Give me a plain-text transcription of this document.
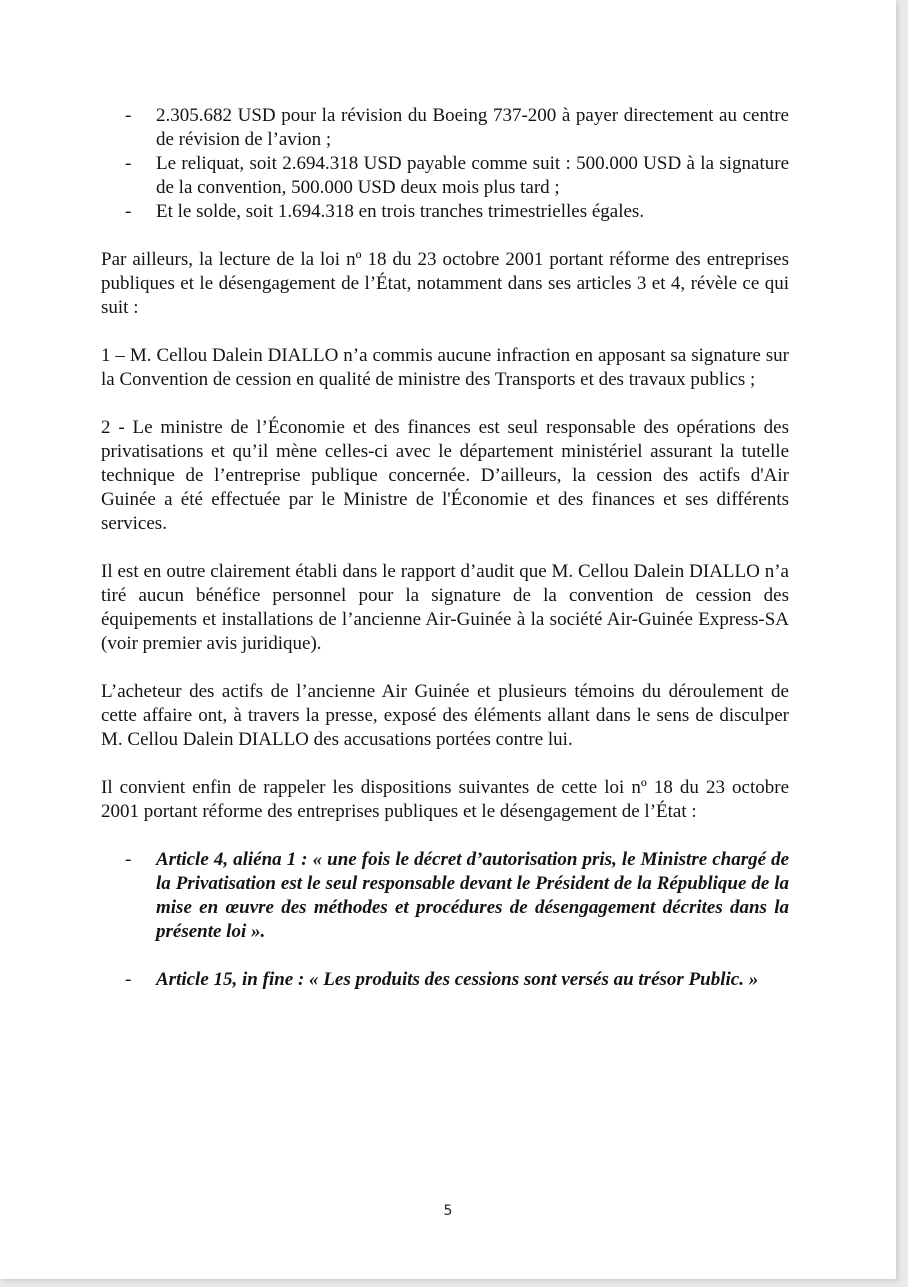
- 2.305.682 USD pour la révision du Boeing 737-200 à payer directement au centre de révision de l’avion ;
- Le reliquat, soit 2.694.318 USD payable comme suit : 500.000 USD à la signature de la convention, 500.000 USD deux mois plus tard ;
- Et le solde, soit 1.694.318 en trois tranches trimestrielles égales.

Par ailleurs, la lecture de la loi nº 18 du 23 octobre 2001 portant réforme des entreprises publiques et le désengagement de l’État, notamment dans ses articles 3 et 4, révèle ce qui suit :

1 – M. Cellou Dalein DIALLO n’a commis aucune infraction en apposant sa signature sur la Convention de cession en qualité de ministre des Transports et des travaux publics ;

2 - Le ministre de l’Économie et des finances est seul responsable des opérations des privatisations et qu’il mène celles-ci avec le département ministériel assurant la tutelle technique de l’entreprise publique concernée. D’ailleurs, la cession des actifs d'Air Guinée a été effectuée par le Ministre de l'Économie et des finances et ses différents services.

Il est en outre clairement établi dans le rapport d’audit que M. Cellou Dalein DIALLO n’a tiré aucun bénéfice personnel pour la signature de la convention de cession des équipements et installations de l’ancienne Air-Guinée à la société Air-Guinée Express-SA (voir premier avis juridique).

L’acheteur des actifs de l’ancienne Air Guinée et plusieurs témoins du déroulement de cette affaire ont, à travers la presse, exposé des éléments allant dans le sens de disculper M. Cellou Dalein DIALLO des accusations portées contre lui.

Il convient enfin de rappeler les dispositions suivantes de cette loi nº 18 du 23 octobre 2001 portant réforme des entreprises publiques et le désengagement de l’État :

- Article 4, aliéna 1 : « une fois le décret d’autorisation pris, le Ministre chargé de la Privatisation est le seul responsable devant le Président de la République de la mise en œuvre des méthodes et procédures de désengagement décrites dans la présente loi ».
- Article 15, in fine : « Les produits des cessions sont versés au trésor Public. »
5
